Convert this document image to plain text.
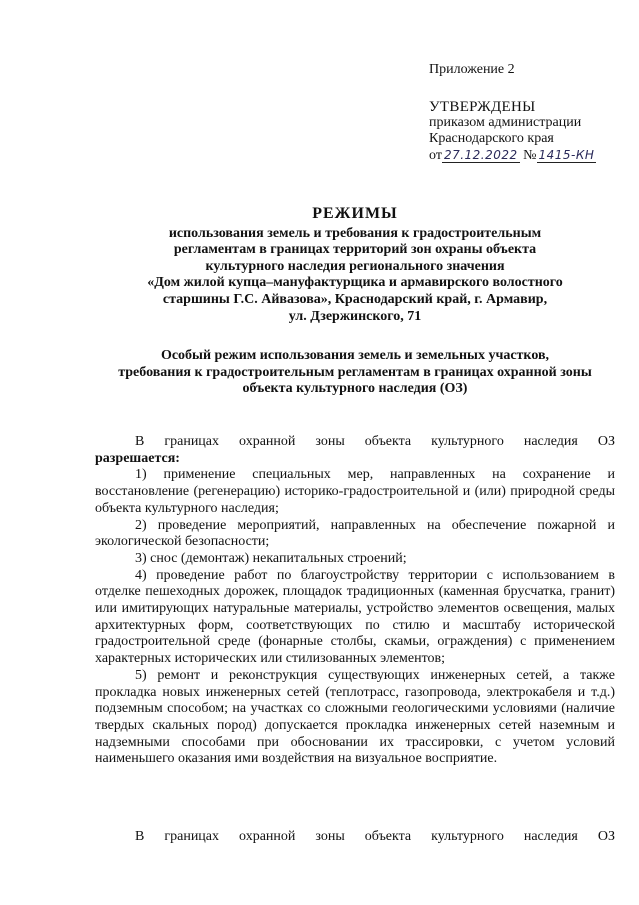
Приложение 2
УТВЕРЖДЕНЫ
приказом администрации
Краснодарского края
от 27.12.2022 № 1415-КН
РЕЖИМЫ
использования земель и требования к градостроительным
регламентам в границах территорий зон охраны объекта
культурного наследия регионального значения
«Дом жилой купца–мануфактурщика и армавирского волостного
старшины Г.С. Айвазова», Краснодарский край, г. Армавир,
ул. Дзержинского, 71
Особый режим использования земель и земельных участков,
требования к градостроительным регламентам в границах охранной зоны
объекта культурного наследия (ОЗ)

В границах охранной зоны объекта культурного наследия ОЗ

разрешается:

1) применение специальных мер, направленных на сохранение и восстановление (регенерацию) историко-градостроительной и (или) природной среды объекта культурного наследия;

2) проведение мероприятий, направленных на обеспечение пожарной и экологической безопасности;

3) снос (демонтаж) некапитальных строений;

4) проведение работ по благоустройству территории с использованием в отделке пешеходных дорожек, площадок традиционных (каменная брусчатка, гранит) или имитирующих натуральные материалы, устройство элементов освещения, малых архитектурных форм, соответствующих по стилю и масштабу исторической градостроительной среде (фонарные столбы, скамьи, ограждения) с применением характерных исторических или стилизованных элементов;

5) ремонт и реконструкция существующих инженерных сетей, а также прокладка новых инженерных сетей (теплотрасс, газопровода, электрокабеля и т.д.) подземным способом; на участках со сложными геологическими условиями (наличие твердых скальных пород) допускается прокладка инженерных сетей наземным и надземными способами при обосновании их трассировки, с учетом условий наименьшего оказания ими воздействия на визуальное восприятие.

В границах охранной зоны объекта культурного наследия ОЗ
